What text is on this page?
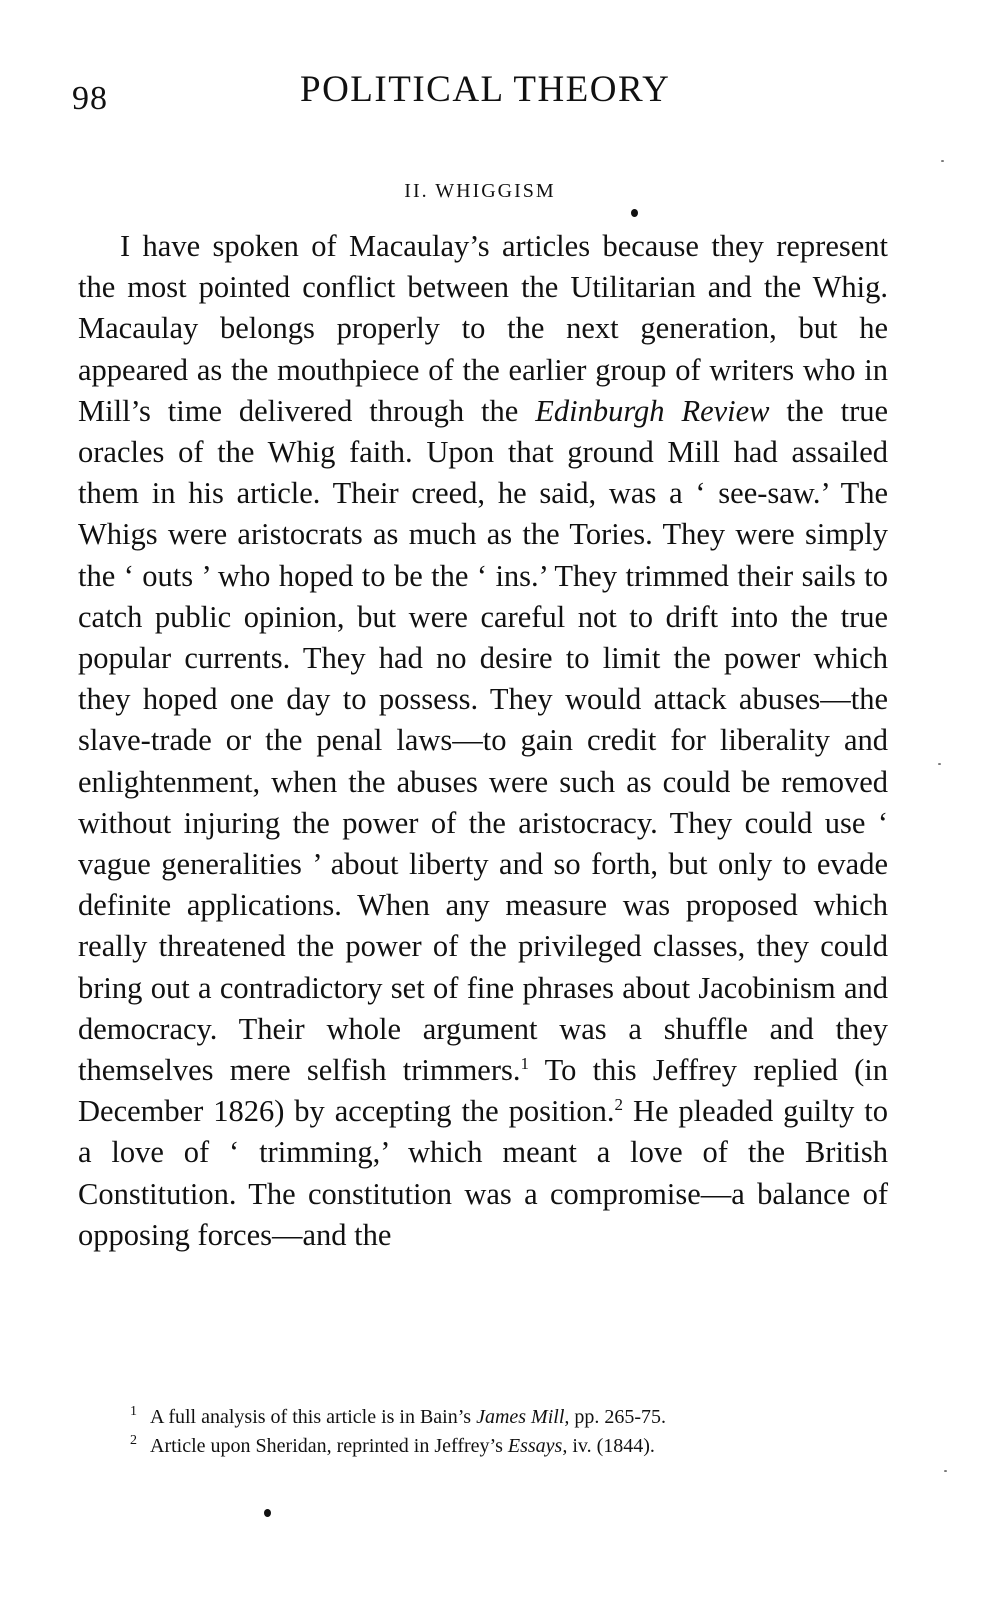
98	POLITICAL THEORY
II. WHIGGISM

I have spoken of Macaulay’s articles because they represent the most pointed conflict between the Utilitarian and the Whig. Macaulay belongs properly to the next generation, but he appeared as the mouthpiece of the earlier group of writers who in Mill’s time delivered through the Edinburgh Review the true oracles of the Whig faith. Upon that ground Mill had assailed them in his article. Their creed, he said, was a ‘ see-saw.’ The Whigs were aristocrats as much as the Tories. They were simply the ‘ outs ’ who hoped to be the ‘ ins.’ They trimmed their sails to catch public opinion, but were careful not to drift into the true popular currents. They had no desire to limit the power which they hoped one day to possess. They would attack abuses—the slave-trade or the penal laws—to gain credit for liberality and enlightenment, when the abuses were such as could be removed without injuring the power of the aristocracy. They could use ‘ vague generalities ’ about liberty and so forth, but only to evade definite applications. When any measure was proposed which really threatened the power of the privileged classes, they could bring out a contradictory set of fine phrases about Jacobinism and democracy. Their whole argument was a shuffle and they themselves mere selfish trimmers.$^1$ To this Jeffrey replied (in December 1826) by accepting the position.$^2$ He pleaded guilty to a love of ‘ trimming,’ which meant a love of the British Constitution. The constitution was a compromise—a balance of opposing forces—and the

1 A full analysis of this article is in Bain’s James Mill, pp. 265-75.
2 Article upon Sheridan, reprinted in Jeffrey’s Essays, iv. (1844).
